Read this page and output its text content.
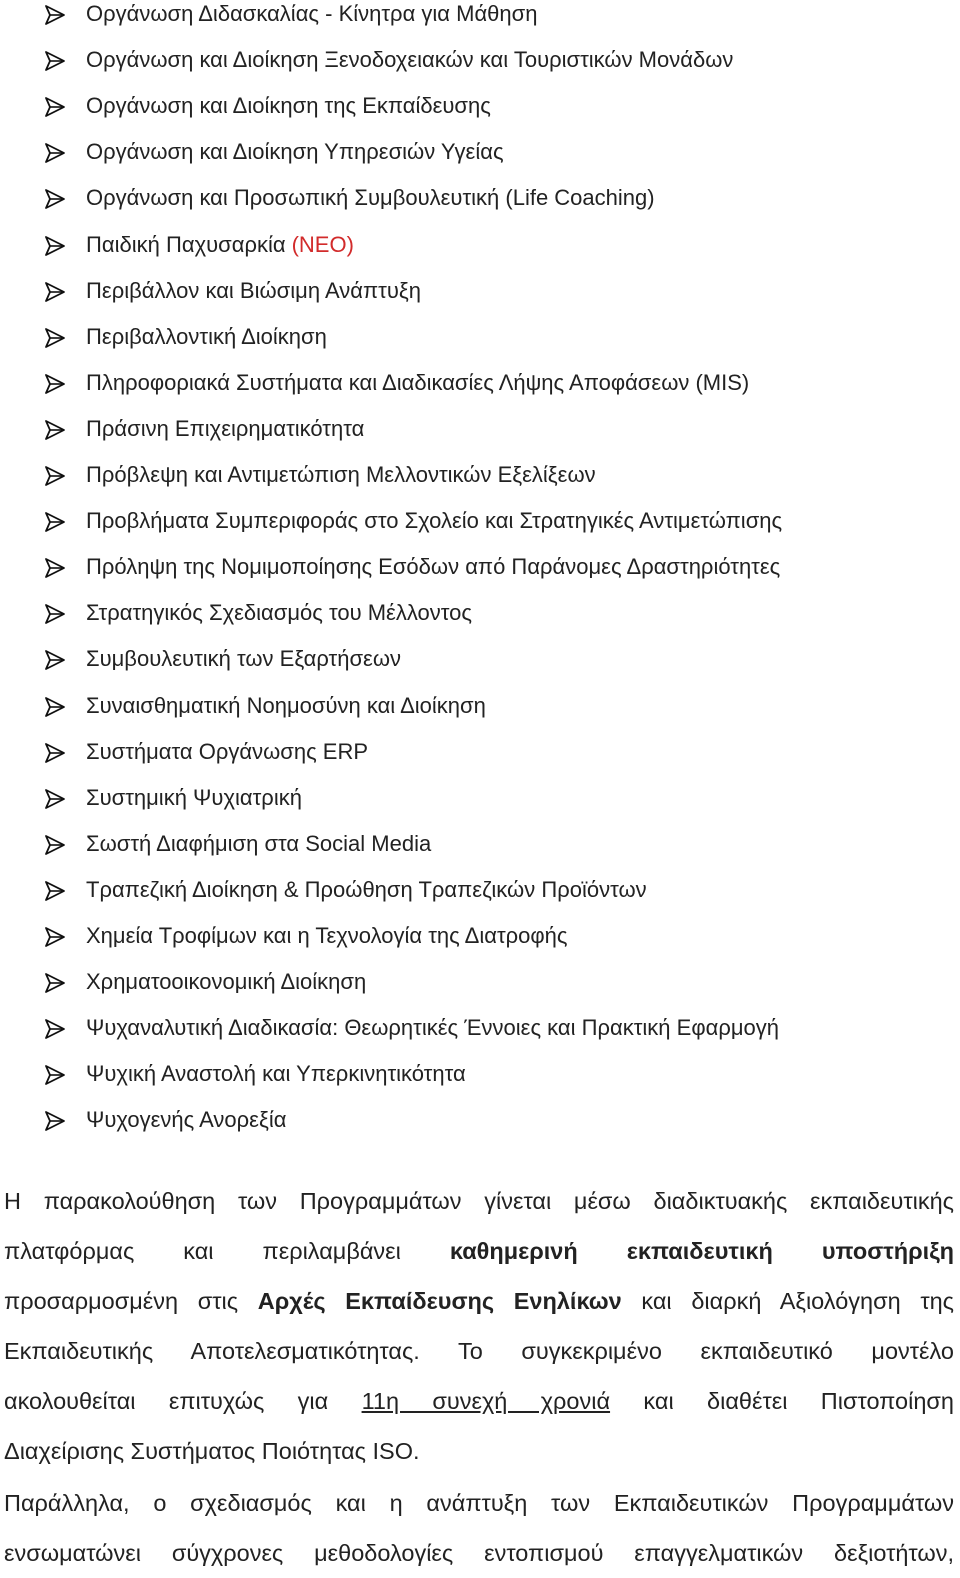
Οργάνωση Διδασκαλίας - Κίνητρα για Μάθηση
Οργάνωση και Διοίκηση Ξενοδοχειακών και Τουριστικών Μονάδων
Οργάνωση και Διοίκηση της Εκπαίδευσης
Οργάνωση και Διοίκηση Υπηρεσιών Υγείας
Οργάνωση και Προσωπική Συμβουλευτική (Life Coaching)
Παιδική Παχυσαρκία (ΝΕΟ)
Περιβάλλον και Βιώσιμη Ανάπτυξη
Περιβαλλοντική Διοίκηση
Πληροφοριακά Συστήματα και Διαδικασίες Λήψης Αποφάσεων (MIS)
Πράσινη Επιχειρηματικότητα
Πρόβλεψη και Αντιμετώπιση Μελλοντικών Εξελίξεων
Προβλήματα Συμπεριφοράς στο Σχολείο και Στρατηγικές Αντιμετώπισης
Πρόληψη της Νομιμοποίησης Εσόδων από Παράνομες Δραστηριότητες
Στρατηγικός Σχεδιασμός του Μέλλοντος
Συμβουλευτική των Εξαρτήσεων
Συναισθηματική Νοημοσύνη και Διοίκηση
Συστήματα Οργάνωσης ERP
Συστημική Ψυχιατρική
Σωστή Διαφήμιση στα Social Media
Τραπεζική Διοίκηση & Προώθηση Τραπεζικών Προϊόντων
Χημεία Τροφίμων και η Τεχνολογία της Διατροφής
Χρηματοοικονομική Διοίκηση
Ψυχαναλυτική Διαδικασία: Θεωρητικές Έννοιες και Πρακτική Εφαρμογή
Ψυχική Αναστολή και Υπερκινητικότητα
Ψυχογενής Ανορεξία
Η παρακολούθηση των Προγραμμάτων γίνεται μέσω διαδικτυακής εκπαιδευτικής
πλατφόρμας και περιλαμβάνει καθημερινή εκπαιδευτική υποστήριξη
προσαρμοσμένη στις Αρχές Εκπαίδευσης Ενηλίκων και διαρκή Αξιολόγηση της
Εκπαιδευτικής Αποτελεσματικότητας. Το συγκεκριμένο εκπαιδευτικό μοντέλο
ακολουθείται επιτυχώς για 11η συνεχή χρονιά και διαθέτει Πιστοποίηση
Διαχείρισης Συστήματος Ποιότητας ISO.
Παράλληλα, ο σχεδιασμός και η ανάπτυξη των Εκπαιδευτικών Προγραμμάτων
ενσωματώνει σύγχρονες μεθοδολογίες εντοπισμού επαγγελματικών δεξιοτήτων,
